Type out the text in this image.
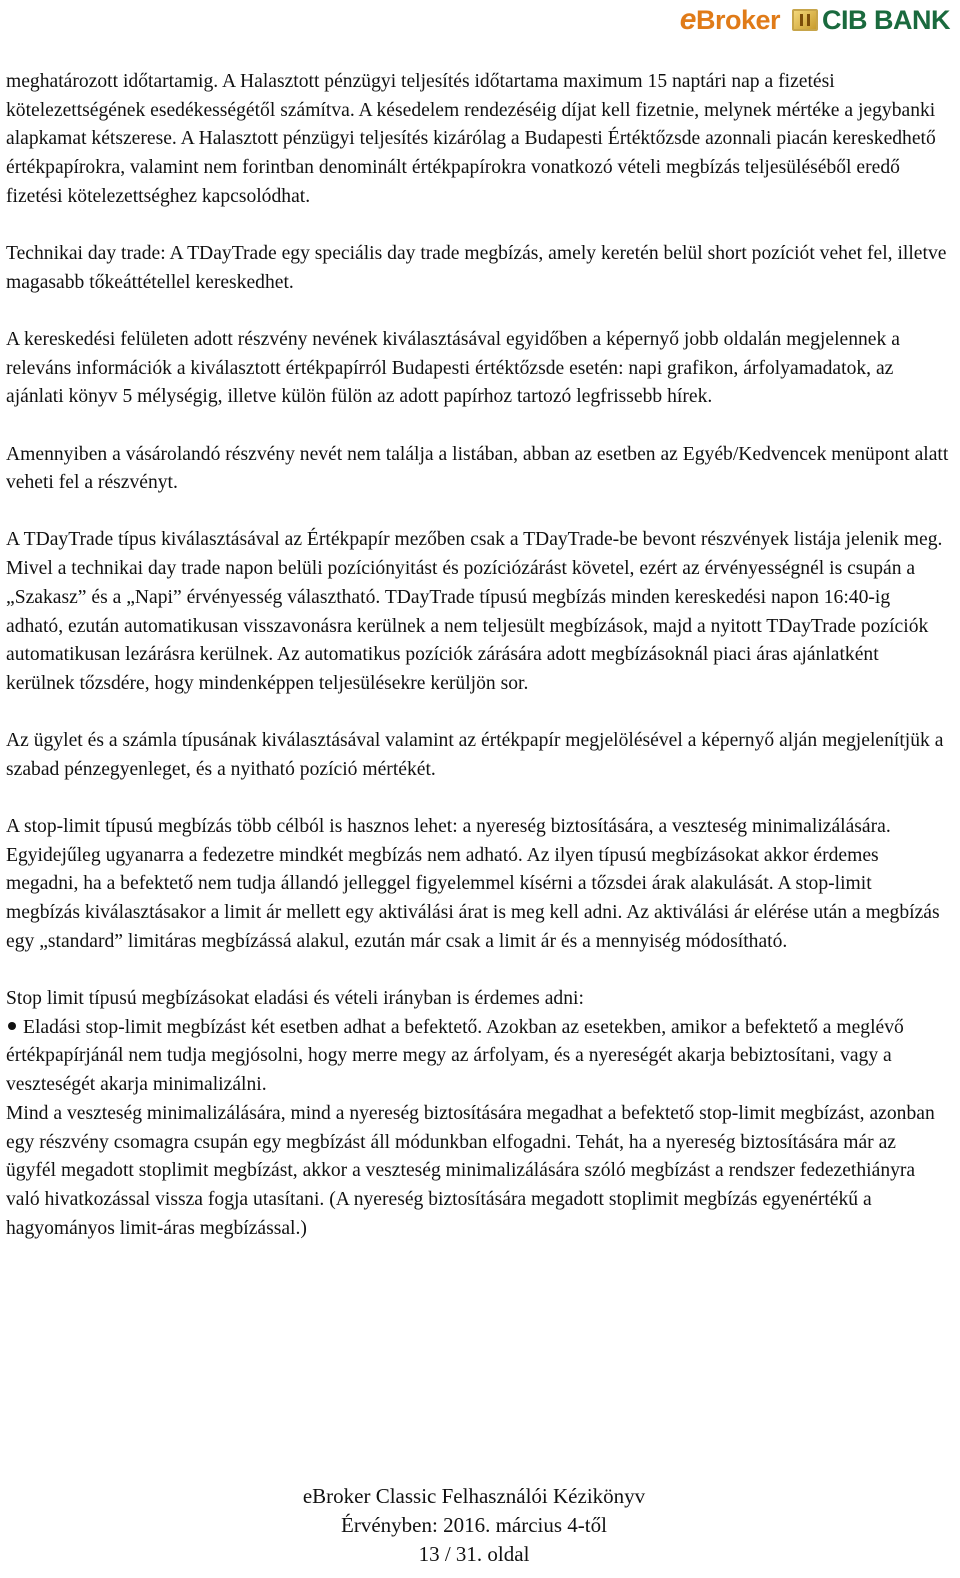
e Broker CIB BANK

meghatározott időtartamig. A Halasztott pénzügyi teljesítés időtartama maximum 15 naptári nap a fizetési kötelezettségének esedékességétől számítva. A késedelem rendezéséig díjat kell fizetnie, melynek mértéke a jegybanki alapkamat kétszerese. A Halasztott pénzügyi teljesítés kizárólag a Budapesti Értéktőzsde azonnali piacán kereskedhető értékpapírokra, valamint nem forintban denominált értékpapírokra vonatkozó vételi megbízás teljesüléséből eredő fizetési kötelezettséghez kapcsolódhat.

Technikai day trade: A TDayTrade egy speciális day trade megbízás, amely keretén belül short pozíciót vehet fel, illetve magasabb tőkeáttétellel kereskedhet.

A kereskedési felületen adott részvény nevének kiválasztásával egyidőben a képernyő jobb oldalán megjelennek a releváns információk a kiválasztott értékpapírról Budapesti értéktőzsde esetén: napi grafikon, árfolyamadatok, az ajánlati könyv 5 mélységig, illetve külön fülön az adott papírhoz tartozó legfrissebb hírek.

Amennyiben a vásárolandó részvény nevét nem találja a listában, abban az esetben az Egyéb/Kedvencek menüpont alatt veheti fel a részvényt.

A TDayTrade típus kiválasztásával az Értékpapír mezőben csak a TDayTrade-be bevont részvények listája jelenik meg. Mivel a technikai day trade napon belüli pozíciónyitást és pozíciózárást követel, ezért az érvényességnél is csupán a „Szakasz” és a „Napi” érvényesség választható. TDayTrade típusú megbízás minden kereskedési napon 16:40-ig adható, ezután automatikusan visszavonásra kerülnek a nem teljesült megbízások, majd a nyitott TDayTrade pozíciók automatikusan lezárásra kerülnek. Az automatikus pozíciók zárására adott megbízásoknál piaci áras ajánlatként kerülnek tőzsdére, hogy mindenképpen teljesülésekre kerüljön sor.

Az ügylet és a számla típusának kiválasztásával valamint az értékpapír megjelölésével a képernyő alján megjelenítjük a szabad pénzegyenleget, és a nyitható pozíció mértékét.

A stop-limit típusú megbízás több célból is hasznos lehet: a nyereség biztosítására, a veszteség minimalizálására. Egyidejűleg ugyanarra a fedezetre mindkét megbízás nem adható. Az ilyen típusú megbízásokat akkor érdemes megadni, ha a befektető nem tudja állandó jelleggel figyelemmel kísérni a tőzsdei árak alakulását. A stop-limit megbízás kiválasztásakor a limit ár mellett egy aktiválási árat is meg kell adni. Az aktiválási ár elérése után a megbízás egy „standard” limitáras megbízássá alakul, ezután már csak a limit ár és a mennyiség módosítható.

Stop limit típusú megbízásokat eladási és vételi irányban is érdemes adni:

Eladási stop-limit megbízást két esetben adhat a befektető. Azokban az esetekben, amikor a befektető a meglévő értékpapírjánál nem tudja megjósolni, hogy merre megy az árfolyam, és a nyereségét akarja bebiztosítani, vagy a veszteségét akarja minimalizálni.

Mind a veszteség minimalizálására, mind a nyereség biztosítására megadhat a befektető stop-limit megbízást, azonban egy részvény csomagra csupán egy megbízást áll módunkban elfogadni. Tehát, ha a nyereség biztosítására már az ügyfél megadott stoplimit megbízást, akkor a veszteség minimalizálására szóló megbízást a rendszer fedezethiányra való hivatkozással vissza fogja utasítani. (A nyereség biztosítására megadott stoplimit megbízás egyenértékű a hagyományos limit-áras megbízással.)

eBroker Classic Felhasználói Kézikönyv
Érvényben: 2016. március 4-től
13 / 31. oldal
